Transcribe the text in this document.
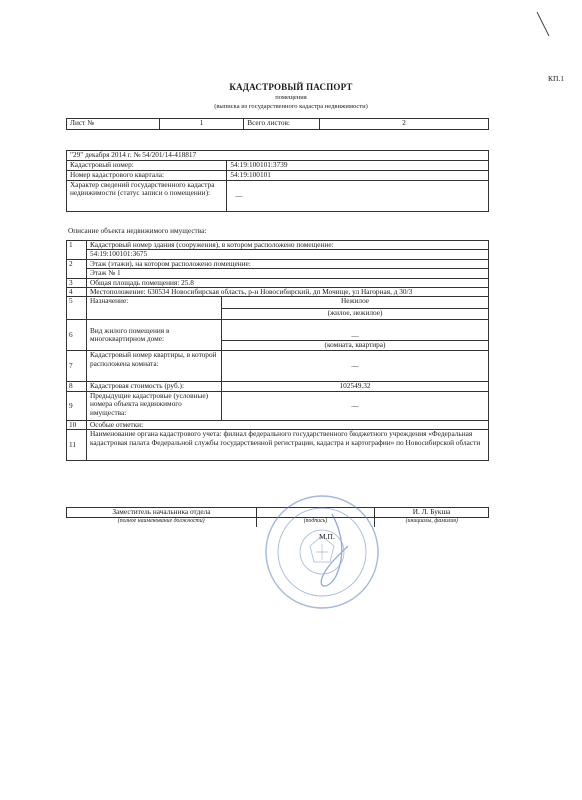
КП.1
КАДАСТРОВЫЙ ПАСПОРТ
помещения
(выписка из государственного кадастра недвижимости)
Лист №	1	Всего листов:	2
"29" декабря 2014 г. № 54/201/14-418817	
Кадастровый номер:	54:19:100101:3739
Номер кадастрового квартала:	54:19:100101
Характер сведений государственного кадастра недвижимости (статус записи о помещении):	—
Описание объекта недвижимого имущества:
1	Кадастровый номер здания (сооружения), в котором расположено помещение:	
	54:19:100101:3675	
2	Этаж (этажи), на котором расположено помещение:	
	Этаж № 1	
3	Общая площадь помещения: 25.8	
4	Местоположение: 630534 Новосибирская область, р-н Новосибирский, дп Мочище, ул Нагорная, д 30/3	
5	Назначение:	Нежилое
		(жилое, нежилое)
6	Вид жилого помещения в многоквартирном доме:	—
		(комната, квартира)
7	Кадастровый номер квартиры, в которой расположена комната:	—
8	Кадастровая стоимость (руб.):	102549.32
9	Предыдущие кадастровые (условные) номера объекта недвижимого имущества:	—
10	Особые отметки:	
11	Наименование органа кадастрового учета: филиал федерального государственного бюджетного учреждения «Федеральная кадастровая палата Федеральной службы государственной регистрации, кадастра и картографии» по Новосибирской области	
Заместитель начальника отдела		И. Л. Букша
(полное наименование должности)	(подпись)	(инициалы, фамилия)
М.П.
